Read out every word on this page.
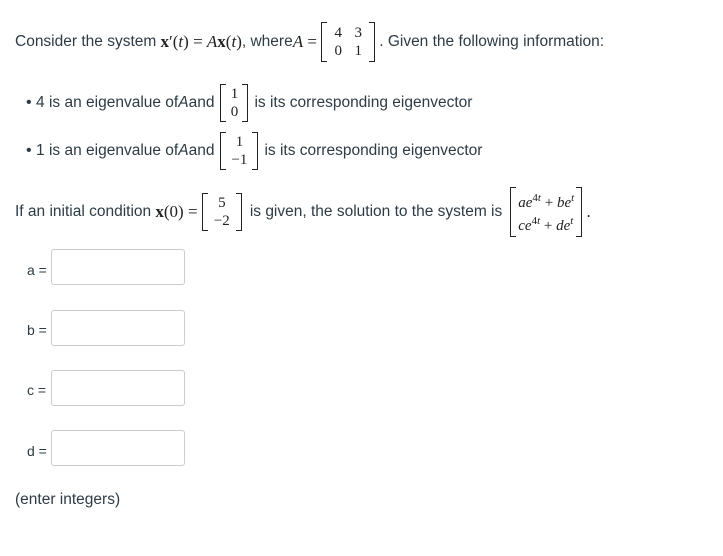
Consider the system x′(t) = Ax(t) , where A = 4 3
0 1
. Given the following information:
• 4 is an eigenvalue of A and 1
0
is its corresponding eigenvector
• 1 is an eigenvalue of A and	1
−1
is its corresponding eigenvector
If an initial condition x(0) =	5
−2
is given, the solution to the system is $ae^{4t} + be^t$
$ce^{4t} + de^t$ .
a =
b =
c =
d =
(enter integers)
